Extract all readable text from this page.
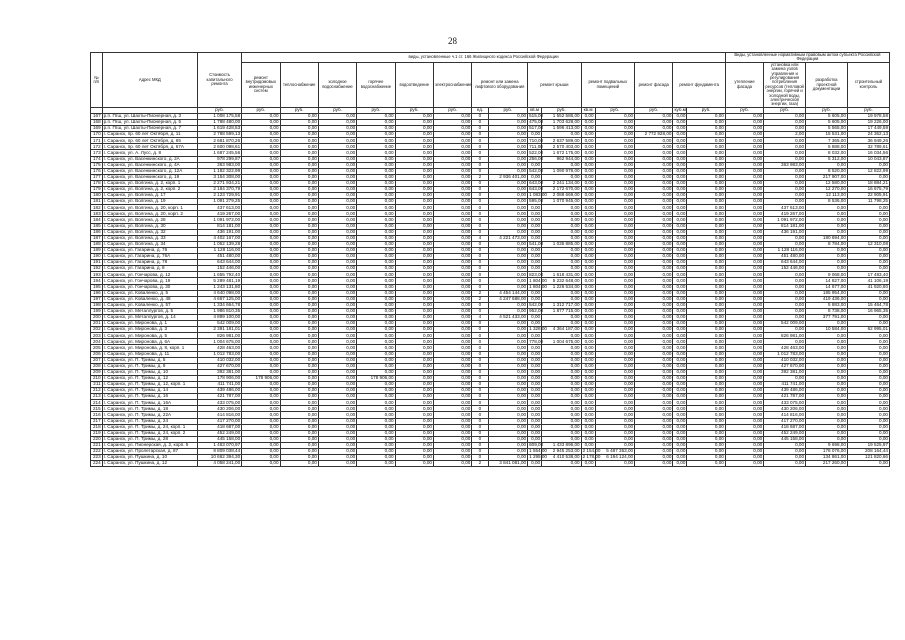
28
№ п/п	Адрес МКД	Стоимость капитального ремонта	виды, установленные ч.1 ст. 166 Жилищного кодекса Российской Федерации															Виды, установленные нормативным правовым актом субъекта Российской Федерации			
			ремонт внутридомовых инженерных систем	теплоснабжение	холодное водоснабжение	горячее водоснабжение	водоотведение	электроснабжение	ремонт или замена лифтового оборудования		ремонт крыши		ремонт подвальных помещений		ремонт фасада	ремонт фундамента		утепление фасада	установка или замена узлов управления и регулирования потребления ресурсов (тепловой энергии, горячей и холодной воды, электрической энергии, газа)	разработка проектной документации	строительный контроль
		руб.	руб.	руб.	руб.	руб.	руб.	руб.	ед.	руб.	кв.м	руб.	кв.м	руб.	руб.	куб.м	руб.	руб.	руб.	руб.	руб.
167	р.п. Пгш, ул. Шахты-Пионерная, д. 3	1 008 175,58	0,00	0,00	0,00	0,00	0,00	0,00	0	0,00	515,00	1 552 586,00	0,00	0,00	0,00	0,00	0,00	0,00	0,00	5 605,00	19 978,58
168	р.п. Пгш, ул. Шахты-Пионерная, д. 5	1 788 480,00	0,00	0,00	0,00	0,00	0,00	0,00	0	0,00	475,00	1 703 628,00	0,00	0,00	0,00	0,00	0,00	0,00	0,00	5 605,00	19 226,00
169	р.п. Пгш, ул. Шахты-Пионерная, д. 7	1 619 428,53	0,00	0,00	0,00	0,00	0,00	0,00	0	0,00	517,00	1 596 413,00	0,00	0,00	0,00	0,00	0,00	0,00	0,00	5 565,00	17 449,59
170	г. Саранск, пр. 60 лет Октября, д. 11	2 788 599,13	0,00	0,00	0,00	0,00	0,00	0,00	0	0,00	0,00	0,00	0,00	0,00	2 772 928,00	0,00	0,00	0,00	2,00	15 531,00	24 362,13
171	г. Саранск, пр. 60 лет Октября, д. 65	2 681 870,26	0,00	0,00	0,00	0,00	0,00	0,00	0	0,00	710,00	2 637 589,00	0,00	0,00	0,00	0,00	0,00	0,00	0,00	7 365,00	36 949,26
172	г. Саранск, пр. 60 лет Октября, д. 67А	2 600 098,61	0,00	0,00	0,00	0,00	0,00	0,00	0	0,00	711,00	2 570 403,00	0,00	0,00	0,00	0,00	0,00	0,00	0,00	5 888,00	32 789,61
173	г. Саранск, ул. А. Лусс, д. 8	1 687 245,56	0,00	0,00	0,00	0,00	0,00	0,00	0	0,00	522,00	1 672 175,00	0,00	0,00	0,00	0,00	0,00	0,00	0,00	8 032,00	16 034,56
174	г. Саранск, ул. Васенкинского, д. 2А	978 299,87	0,00	0,00	0,00	0,00	0,00	0,00	0	0,00	256,00	962 944,00	0,00	0,00	0,00	0,00	0,00	0,00	0,00	5 312,00	10 043,87
175	г. Саранск, ул. Васенкинского, д. 4А	363 983,00	0,00	0,00	0,00	0,00	0,00	0,00	0	0,00	0,00	0,00	0,00	0,00	0,00	0,00	0,00	0,00	363 983,00	0,00	0,00
176	г. Саранск, ул. Васенкинского, д. 12А	1 182 322,99	0,00	0,00	0,00	0,00	0,00	0,00	0	0,00	542,00	1 090 976,00	0,00	0,00	0,00	0,00	0,00	0,00	0,00	8 520,00	12 822,99
177	г. Саранск, ул. Васенкинского, д. 19	3 154 308,00	0,00	0,00	0,00	0,00	0,00	0,00	2	2 936 401,00	0,00	0,00	0,00	0,00	0,00	0,00	0,00	0,00	0,00	217 907,00	0,00
178	г. Саранск, ул. Волгина, д. 2, корп. 1	2 271 934,21	0,00	0,00	0,00	0,00	0,00	0,00	0	0,00	643,00	2 241 134,00	0,00	0,00	0,00	0,00	0,00	0,00	0,00	12 580,00	18 884,21
179	г. Саранск, ул. Волгина, д. 2, корп. 2	2 184 370,79	0,00	0,00	0,00	0,00	0,00	0,00	0	0,00	643,00	2 172 670,00	0,00	0,00	0,00	0,00	0,00	0,00	0,00	12 270,00	16 675,79
180	г. Саранск, ул. Волгина, д. 17	2 123 729,91	0,00	0,00	0,00	0,00	0,00	0,00	0	0,00	1 083,00	2 088 669,00	0,00	0,00	0,00	0,00	0,00	0,00	0,00	12 113,00	22 905,91
181	г. Саранск, ул. Волгина, д. 19	1 091 279,25	0,00	0,00	0,00	0,00	0,00	0,00	0	0,00	595,00	1 070 945,00	0,00	0,00	0,00	0,00	0,00	0,00	0,00	8 536,00	11 798,25
182	г. Саранск, ул. Волгина, д. 20, корп. 1	437 613,00	0,00	0,00	0,00	0,00	0,00	0,00	0	0,00	0,00	0,00	0,00	0,00	0,00	0,00	0,00	0,00	437 613,00	0,00	0,00
183	г. Саранск, ул. Волгина, д. 20, корп. 2	419 267,00	0,00	0,00	0,00	0,00	0,00	0,00	0	0,00	0,00	0,00	0,00	0,00	0,00	0,00	0,00	0,00	419 267,00	0,00	0,00
184	г. Саранск, ул. Волгина, д. 28	1 091 972,00	0,00	0,00	0,00	0,00	0,00	0,00	0	0,00	0,00	0,00	0,00	0,00	0,00	0,00	0,00	0,00	1 091 972,00	0,00	0,00
185	г. Саранск, ул. Волгина, д. 30	814 181,00	0,00	0,00	0,00	0,00	0,00	0,00	0	0,00	0,00	0,00	0,00	0,00	0,00	0,00	0,00	0,00	814 181,00	0,00	0,00
186	г. Саранск, ул. Волгина, д. 32	436 191,00	0,00	0,00	0,00	0,00	0,00	0,00	0	0,00	0,00	0,00	0,00	0,00	0,00	0,00	0,00	0,00	436 191,00	0,00	0,00
187	г. Саранск, ул. Волгина, д. 33	4 402 167,00	0,00	0,00	0,00	0,00	0,00	0,00	4	4 221 473,00	0,00	0,00	0,00	0,00	0,00	0,00	0,00	0,00	0,00	180 694,00	0,00
188	г. Саранск, ул. Волгина, д. 34	1 052 139,28	0,00	0,00	0,00	0,00	0,00	0,00	0	0,00	541,00	1 035 885,00	0,00	0,00	0,00	0,00	0,00	0,00	0,00	8 784,00	12 310,08
189	г. Саранск, ул. Гагарина, д. 76	1 128 116,00	0,00	0,00	0,00	0,00	0,00	0,00	0	0,00	0,00	0,00	0,00	0,00	0,00	0,00	0,00	0,00	1 128 116,00	0,00	0,00
190	г. Саранск, ул. Гагарина, д. 76А	451 480,00	0,00	0,00	0,00	0,00	0,00	0,00	0	0,00	0,00	0,00	0,00	0,00	0,00	0,00	0,00	0,00	451 480,00	0,00	0,00
191	г. Саранск, ул. Гагарина, д. 78	643 644,00	0,00	0,00	0,00	0,00	0,00	0,00	0	0,00	0,00	0,00	0,00	0,00	0,00	0,00	0,00	0,00	643 644,00	0,00	0,00
192	г. Саранск, ул. Гагарина, д. 8	152 446,00	0,00	0,00	0,00	0,00	0,00	0,00	0	0,00	0,00	0,00	0,00	0,00	0,00	0,00	0,00	0,00	152 446,00	0,00	0,00
193	г. Саранск, ул. Гончарова, д. 12	1 655 792,40	0,00	0,00	0,00	0,00	0,00	0,00	0	0,00	823,00	1 618 431,00	0,00	0,00	0,00	0,00	0,00	0,00	0,00	9 068,00	17 493,40
194	г. Саранск, ул. Гончарова, д. 19	5 289 481,19	0,00	0,00	0,00	0,00	0,00	0,00	0	0,00	1 804,00	5 232 648,00	0,00	0,00	0,00	0,00	0,00	0,00	0,00	14 827,00	41 106,19
195	г. Саранск, ул. Гончарова, д. 30	1 243 131,80	0,00	0,00	0,00	0,00	0,00	0,00	0	0,00	1 804,00	1 226 534,00	0,00	0,00	0,00	0,00	0,00	0,00	0,00	14 677,00	41 920,80
196	г. Саранск, ул. Коваленко, д. 5	4 640 098,00	0,00	0,00	0,00	0,00	0,00	0,00	2	4 454 144,00	0,00	0,00	0,00	0,00	0,00	0,00	0,00	0,00	0,00	185 954,00	0,00
197	г. Саранск, ул. Коваленко, д. 48	4 667 125,00	0,00	0,00	0,00	0,00	0,00	0,00	2	4 247 688,00	0,00	0,00	0,00	0,00	0,00	0,00	0,00	0,00	0,00	419 436,00	0,00
198	г. Саранск, ул. Коваленко, д. 57	1 334 664,78	0,00	0,00	0,00	0,00	0,00	0,00	0	0,00	542,00	1 312 717,00	0,00	0,00	0,00	0,00	0,00	0,00	0,00	5 883,00	15 464,78
199	г. Саранск, ул. Металлургов, д. 5	1 986 810,35	0,00	0,00	0,00	0,00	0,00	0,00	0	0,00	952,00	1 877 715,00	0,00	0,00	0,00	0,00	0,00	0,00	0,00	8 738,00	16 965,35
200	г. Саранск, ул. Металлургов, д. 14	4 899 100,00	0,00	0,00	0,00	0,00	0,00	0,00	4	4 521 433,00	0,00	0,00	0,00	0,00	0,00	0,00	0,00	0,00	0,00	377 791,00	0,00
201	г. Саранск, ул. Миронова, д. 1	542 009,00	0,00	0,00	0,00	0,00	0,00	0,00	0	0,00	0,00	0,00	0,00	0,00	0,00	0,00	0,00	0,00	542 009,00	0,00	0,00
202	г. Саранск, ул. Миронова, д. 3	2 391 181,01	0,00	0,00	0,00	0,00	0,00	0,00	0	0,00	1 328,00	4 364 187,00	0,00	0,00	0,00	0,00	0,00	0,00	0,00	10 584,00	62 995,01
203	г. Саранск, ул. Миронова, д. 5	826 981,00	0,00	0,00	0,00	0,00	0,00	0,00	0	0,00	0,00	0,00	0,00	0,00	0,00	0,00	0,00	0,00	826 981,00	0,00	0,00
204	г. Саранск, ул. Миронова, д. 6А	1 004 675,00	0,00	0,00	0,00	0,00	0,00	0,00	0	0,00	778,00	1 004 675,00	0,00	0,00	0,00	0,00	0,00	0,00	0,00	0,00	0,00
205	г. Саранск, ул. Миронова, д. 8, корп. 1	428 463,00	0,00	0,00	0,00	0,00	0,00	0,00	0	0,00	0,00	0,00	0,00	0,00	0,00	0,00	0,00	0,00	428 463,00	0,00	0,00
206	г. Саранск, ул. Миронова, д. 11	1 012 783,00	0,00	0,00	0,00	0,00	0,00	0,00	0	0,00	0,00	0,00	0,00	0,00	0,00	0,00	0,00	0,00	1 012 783,00	0,00	0,00
207	г. Саранск, ул. П. Тримы, д. 5	410 032,00	0,00	0,00	0,00	0,00	0,00	0,00	0	0,00	0,00	0,00	0,00	0,00	0,00	0,00	0,00	0,00	410 032,00	0,00	0,00
208	г. Саранск, ул. П. Тримы, д. 8	427 670,00	0,00	0,00	0,00	0,00	0,00	0,00	0	0,00	0,00	0,00	0,00	0,00	0,00	0,00	0,00	0,00	427 670,00	0,00	0,00
209	г. Саранск, ул. П. Тримы, д. 10	392 381,00	0,00	0,00	0,00	0,00	0,00	0,00	0	0,00	0,00	0,00	0,00	0,00	0,00	0,00	0,00	0,00	392 381,00	0,00	0,00
210	г. Саранск, ул. П. Тримы, д. 12	178 906,00	178 906,00	0,00	0,00	178 906,00	0,00	0,00	0	0,00	0,00	0,00	0,00	0,00	0,00	0,00	0,00	0,00	0,00	0,00	0,00
211	г. Саранск, ул. П. Тримы, д. 12, корп. 1	411 741,00	0,00	0,00	0,00	0,00	0,00	0,00	0	0,00	0,00	0,00	0,00	0,00	0,00	0,00	0,00	0,00	411 741,00	0,00	0,00
212	г. Саранск, ул. П. Тримы, д. 14	439 486,00	0,00	0,00	0,00	0,00	0,00	0,00	0	0,00	0,00	0,00	0,00	0,00	0,00	0,00	0,00	0,00	439 486,00	0,00	0,00
213	г. Саранск, ул. П. Тримы, д. 16	421 787,00	0,00	0,00	0,00	0,00	0,00	0,00	0	0,00	0,00	0,00	0,00	0,00	0,00	0,00	0,00	0,00	421 787,00	0,00	0,00
214	г. Саранск, ул. П. Тримы, д. 16А	433 075,00	0,00	0,00	0,00	0,00	0,00	0,00	0	0,00	0,00	0,00	0,00	0,00	0,00	0,00	0,00	0,00	433 075,00	0,00	0,00
215	г. Саранск, ул. П. Тримы, д. 18	430 206,00	0,00	0,00	0,00	0,00	0,00	0,00	0	0,00	0,00	0,00	0,00	0,00	0,00	0,00	0,00	0,00	430 206,00	0,00	0,00
216	г. Саранск, ул. П. Тримы, д. 22А	414 816,00	0,00	0,00	0,00	0,00	0,00	0,00	0	0,00	0,00	0,00	0,00	0,00	0,00	0,00	0,00	0,00	414 816,00	0,00	0,00
217	г. Саранск, ул. П. Тримы, д. 24	417 270,00	0,00	0,00	0,00	0,00	0,00	0,00	0	0,00	0,00	0,00	0,00	0,00	0,00	0,00	0,00	0,00	417 270,00	0,00	0,00
218	г. Саранск, ул. П. Тримы, д. 24, корп. 1	418 687,00	0,00	0,00	0,00	0,00	0,00	0,00	0	0,00	0,00	0,00	0,00	0,00	0,00	0,00	0,00	0,00	418 687,00	0,00	0,00
219	г. Саранск, ул. П. Тримы, д. 24, корп. 2	452 249,00	0,00	0,00	0,00	0,00	0,00	0,00	0	0,00	0,00	0,00	0,00	0,00	0,00	0,00	0,00	0,00	452 249,00	0,00	0,00
220	г. Саранск, ул. П. Тримы, д. 28	445 158,00	0,00	0,00	0,00	0,00	0,00	0,00	0	0,00	0,00	0,00	0,00	0,00	0,00	0,00	0,00	0,00	445 158,00	0,00	0,00
221	г. Саранск, ул. Пионерская, д. 2, корп. 5	1 463 070,97	0,00	0,00	0,00	0,00	0,00	0,00	0	0,00	609,00	1 433 896,00	0,00	0,00	0,00	0,00	0,00	0,00	0,00	9 698,00	19 525,97
222	г. Саранск, ул. Пролетарская, д. 87	8 809 038,44	0,00	0,00	0,00	0,00	0,00	0,00	0	0,00	1 554,00	2 945 253,00	2 154,00	5 487 353,00	0,00	0,00	0,00	0,00	0,00	178 076,00	208 164,44
223	г. Саранск, ул. Пушкина, д. 10	10 662 394,30	0,00	0,00	0,00	0,00	0,00	0,00	0	0,00	1 295,00	4 410 538,00	2 178,00	6 194 124,00	0,00	0,00	0,00	0,00	0,00	134 861,00	121 820,66
224	г. Саранск, ул. Пушкина, д. 12	4 058 241,00	0,00	0,00	0,00	0,00	0,00	0,00	2	3 841 081,00	0,00	0,00	0,00	0,00	0,00	0,00	0,00	0,00	0,00	217 260,00	0,00
